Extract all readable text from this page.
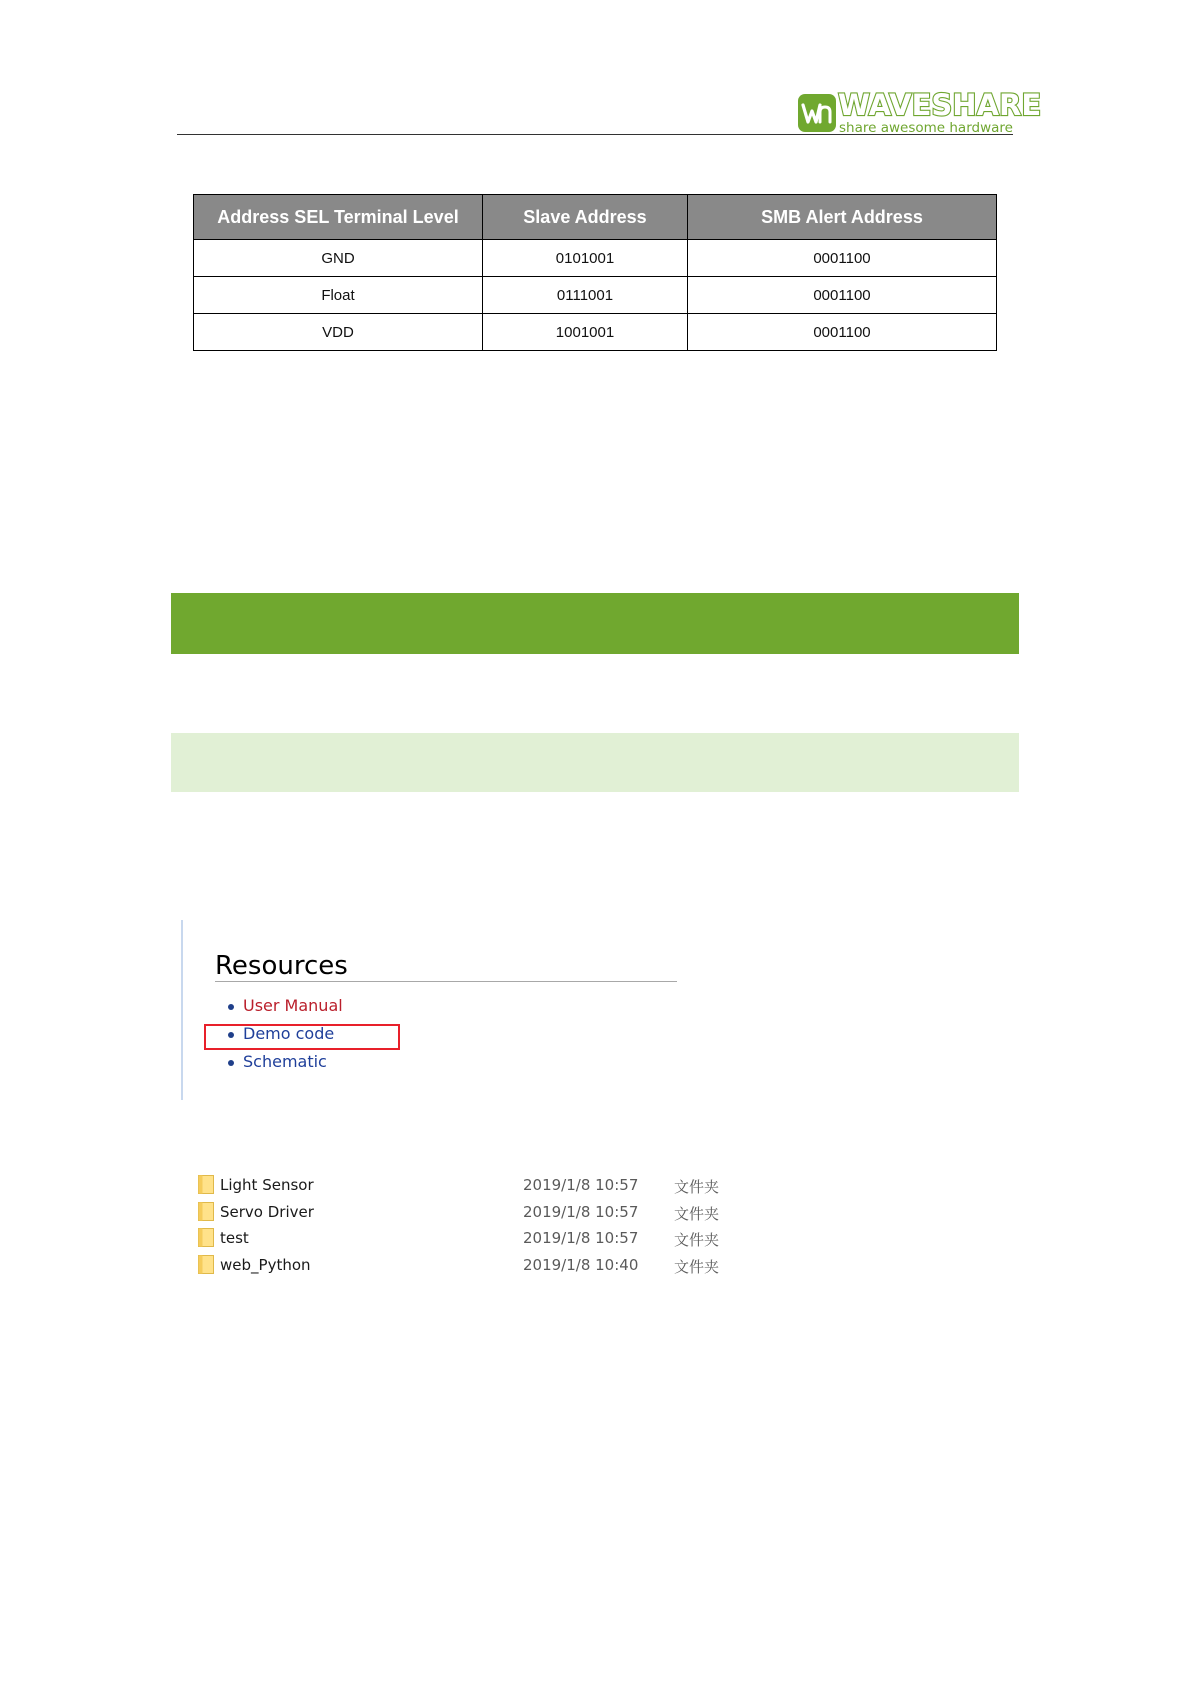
WAVESHARE
share awesome hardware
Address SEL Terminal Level	Slave Address	SMB Alert Address
GND	0101001	0001100
Float	0111001	0001100
VDD	1001001	0001100
Resources
User Manual
Demo code
Schematic
Light Sensor	2019/1/8 10:57 文件夹
Servo Driver	2019/1/8 10:57 文件夹
test	2019/1/8 10:57 文件夹
web_Python	2019/1/8 10:40 文件夹
